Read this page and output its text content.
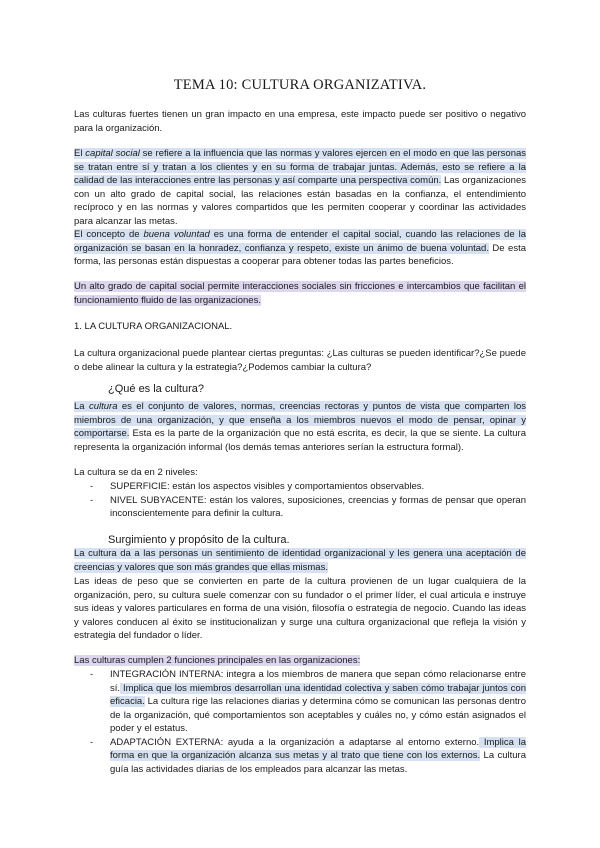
TEMA 10: CULTURA ORGANIZATIVA.
Las culturas fuertes tienen un gran impacto en una empresa, este impacto puede ser positivo o negativo para la organización.
El capital social se refiere a la influencia que las normas y valores ejercen en el modo en que las personas se tratan entre sí y tratan a los clientes y en su forma de trabajar juntas. Además, esto se refiere a la calidad de las interacciones entre las personas y así comparte una perspectiva común. Las organizaciones con un alto grado de capital social, las relaciones están basadas en la confianza, el entendimiento recíproco y en las normas y valores compartidos que les permiten cooperar y coordinar las actividades para alcanzar las metas.
El concepto de buena voluntad es una forma de entender el capital social, cuando las relaciones de la organización se basan en la honradez, confianza y respeto, existe un ánimo de buena voluntad. De esta forma, las personas están dispuestas a cooperar para obtener todas las partes beneficios.
Un alto grado de capital social permite interacciones sociales sin fricciones e intercambios que facilitan el funcionamiento fluido de las organizaciones.
1. LA CULTURA ORGANIZACIONAL.
La cultura organizacional puede plantear ciertas preguntas: ¿Las culturas se pueden identificar?¿Se puede o debe alinear la cultura y la estrategia?¿Podemos cambiar la cultura?
¿Qué es la cultura?
La cultura es el conjunto de valores, normas, creencias rectoras y puntos de vista que comparten los miembros de una organización, y que enseña a los miembros nuevos el modo de pensar, opinar y comportarse. Esta es la parte de la organización que no está escrita, es decir, la que se siente. La cultura representa la organización informal (los demás temas anteriores serían la estructura formal).
La cultura se da en 2 niveles:
- SUPERFICIE: están los aspectos visibles y comportamientos observables.
- NIVEL SUBYACENTE: están los valores, suposiciones, creencias y formas de pensar que operan inconscientemente para definir la cultura.
Surgimiento y propósito de la cultura.
La cultura da a las personas un sentimiento de identidad organizacional y les genera una aceptación de creencias y valores que son más grandes que ellas mismas.
Las ideas de peso que se convierten en parte de la cultura provienen de un lugar cualquiera de la organización, pero, su cultura suele comenzar con su fundador o el primer líder, el cual articula e instruye sus ideas y valores particulares en forma de una visión, filosofía o estrategia de negocio. Cuando las ideas y valores conducen al éxito se institucionalizan y surge una cultura organizacional que refleja la visión y estrategia del fundador o líder.
Las culturas cumplen 2 funciones principales en las organizaciones:
- INTEGRACIÓN INTERNA: integra a los miembros de manera que sepan cómo relacionarse entre sí. Implica que los miembros desarrollan una identidad colectiva y saben cómo trabajar juntos con eficacia. La cultura rige las relaciones diarias y determina cómo se comunican las personas dentro de la organización, qué comportamientos son aceptables y cuáles no, y cómo están asignados el poder y el estatus.
- ADAPTACIÓN EXTERNA: ayuda a la organización a adaptarse al entorno externo. Implica la forma en que la organización alcanza sus metas y al trato que tiene con los externos. La cultura guía las actividades diarias de los empleados para alcanzar las metas.
